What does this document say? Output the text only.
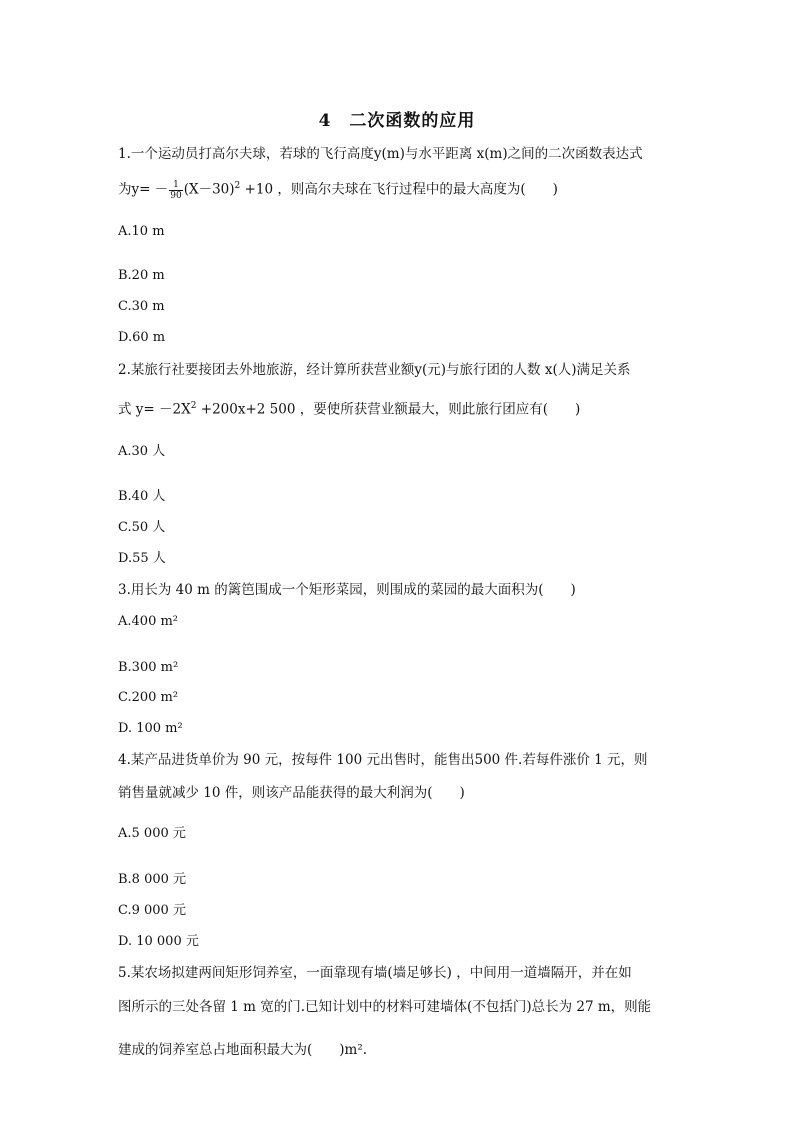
4　二次函数的应用
1.一个运动员打高尔夫球，若球的飞行高度y(m)与水平距离 x(m)之间的二次函数表达式
为$y= - \frac{1}{90} (X-30)^2 +10$ ，则高尔夫球在飞行过程中的最大高度为(　　)
A.10 m
B.20 m
C.30 m
D.60 m
2.某旅行社要接团去外地旅游，经计算所获营业额y(元)与旅行团的人数 x(人)满足关系
式 $y= -2X^2 +200x+2$ 500 ，要使所获营业额最大，则此旅行团应有(　　)
A.30 人
B.40 人
C.50 人
D.55 人
3.用长为 40 m 的篱笆围成一个矩形菜园，则围成的菜园的最大面积为(　　)
A.400 m²
B.300 m²
C.200 m²
D. 100 m²
4.某产品进货单价为 90 元，按每件 100 元出售时，能售出500 件.若每件涨价 1 元，则
销售量就减少 10 件，则该产品能获得的最大利润为(　　)
A.5 000 元
B.8 000 元
C.9 000 元
D. 10 000 元
5.某农场拟建两间矩形饲养室，一面靠现有墙(墙足够长) ，中间用一道墙隔开，并在如
图所示的三处各留 1 m 宽的门.已知计划中的材料可建墙体(不包括门)总长为 27 m，则能
建成的饲养室总占地面积最大为(　　)m².
